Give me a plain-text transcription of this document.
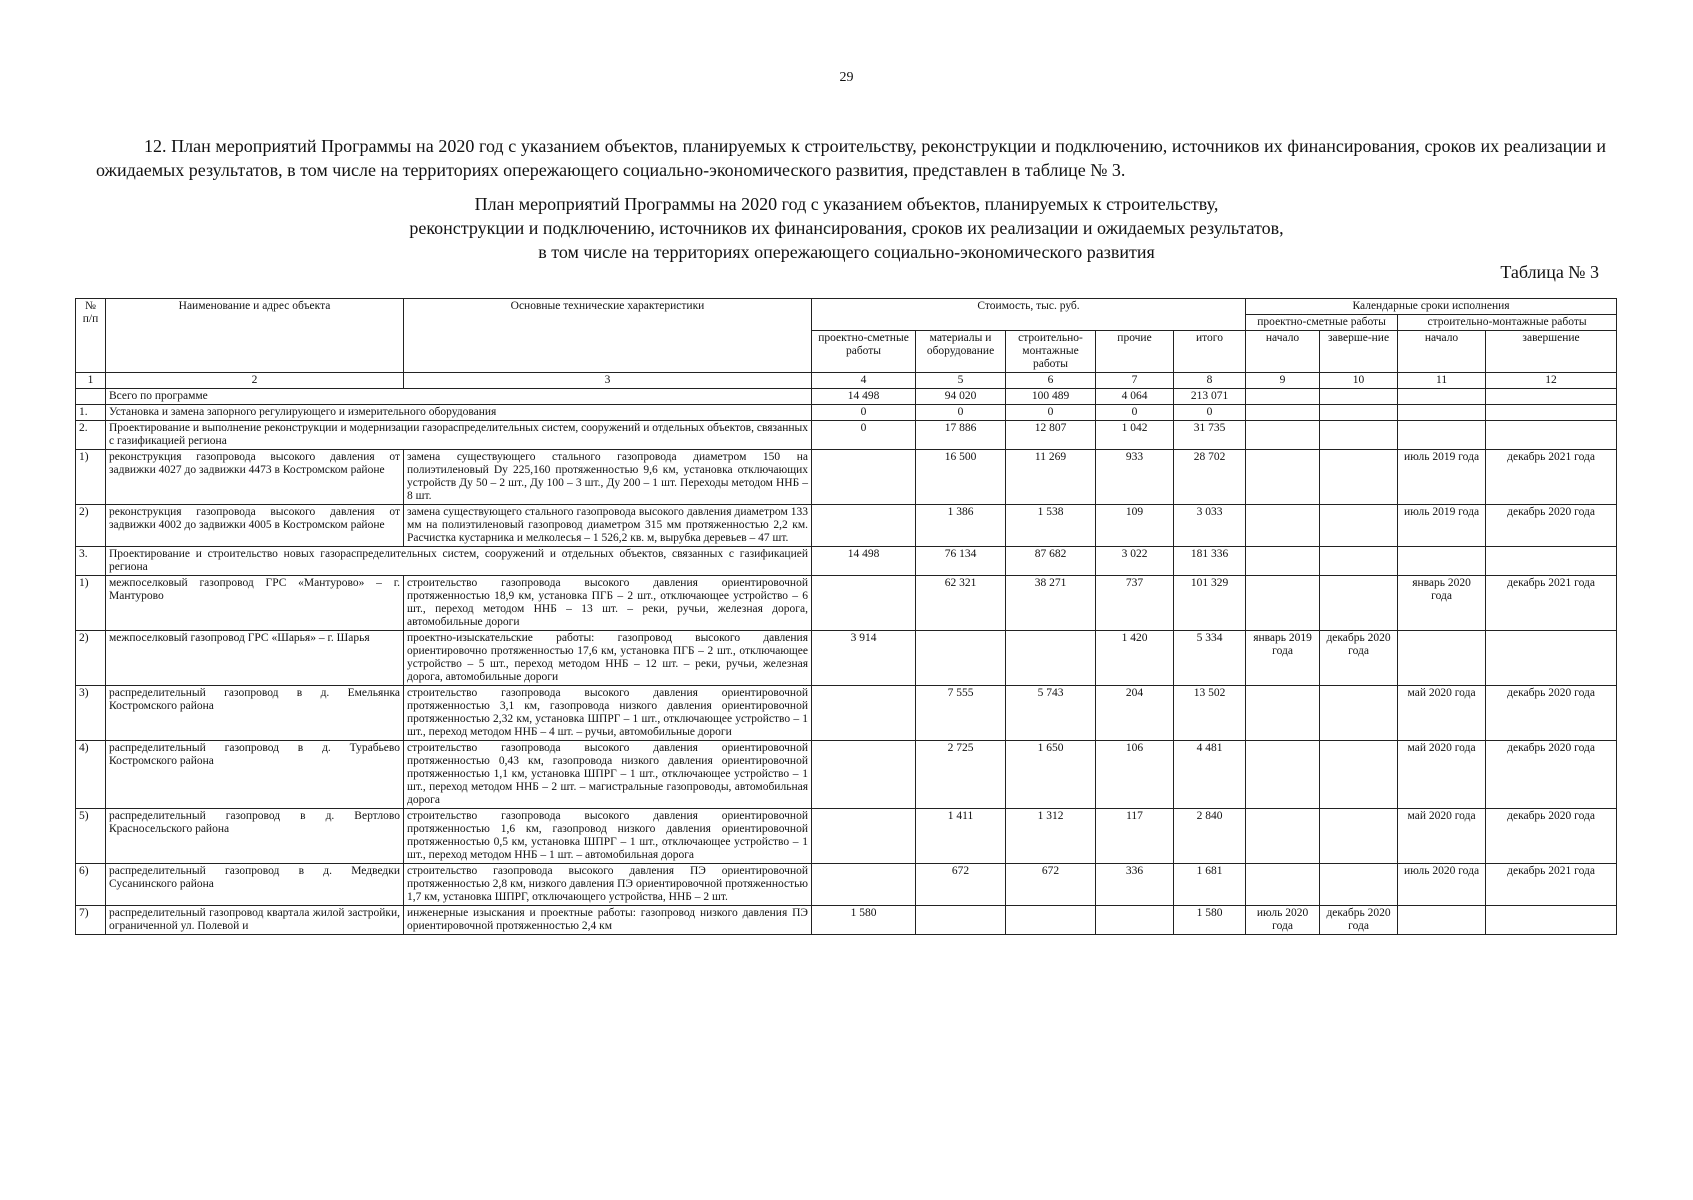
29
12. План мероприятий Программы на 2020 год с указанием объектов, планируемых к строительству, реконструкции и подключению, источников их финансирования, сроков их реализации и ожидаемых результатов, в том числе на территориях опережающего социально-экономического развития, представлен в таблице № 3.
План мероприятий Программы на 2020 год с указанием объектов, планируемых к строительству,
реконструкции и подключению, источников их финансирования, сроков их реализации и ожидаемых результатов,
в том числе на территориях опережающего социально-экономического развития
Таблица № 3
№ п/п	Наименование и адрес объекта	Основные технические характеристики	Стоимость, тыс. руб.					Календарные сроки исполнения			
								проектно-сметные работы		строительно-монтажные работы	
			проектно-сметные работы	материалы и оборудование	строительно-монтажные работы	прочие	итого	начало	заверше-ние	начало	завершение
1	2	3	4	5	6	7	8	9	10	11	12
	Всего по программе		14 498	94 020	100 489	4 064	213 071				
1.	Установка и замена запорного регулирующего и измерительного оборудования		0	0	0	0	0				
2.	Проектирование и выполнение реконструкции и модернизации газораспределительных систем, сооружений и отдельных объектов, связанных с газификацией региона		0	17 886	12 807	1 042	31 735				
1)	реконструкция газопровода высокого давления от задвижки 4027 до задвижки 4473 в Костромском районе	замена существующего стального газопровода диаметром 150 на полиэтиленовый Dy 225,160 протяженностью 9,6 км, установка отключающих устройств Ду 50 – 2 шт., Ду 100 – 3 шт., Ду 200 – 1 шт. Переходы методом ННБ – 8 шт.		16 500	11 269	933	28 702			июль 2019 года	декабрь 2021 года
2)	реконструкция газопровода высокого давления от задвижки 4002 до задвижки 4005 в Костромском районе	замена существующего стального газопровода высокого давления диаметром 133 мм на полиэтиленовый газопровод диаметром 315 мм протяженностью 2,2 км. Расчистка кустарника и мелколесья – 1 526,2 кв. м, вырубка деревьев – 47 шт.		1 386	1 538	109	3 033			июль 2019 года	декабрь 2020 года
3.	Проектирование и строительство новых газораспределительных систем, сооружений и отдельных объектов, связанных с газификацией региона		14 498	76 134	87 682	3 022	181 336				
1)	межпоселковый газопровод ГРС «Мантурово» – г. Мантурово	строительство газопровода высокого давления ориентировочной протяженностью 18,9 км, установка ПГБ – 2 шт., отключающее устройство – 6 шт., переход методом ННБ – 13 шт. – реки, ручьи, железная дорога, автомобильные дороги		62 321	38 271	737	101 329			январь 2020 года	декабрь 2021 года
2)	межпоселковый газопровод ГРС «Шарья» – г. Шарья	проектно-изыскательские работы: газопровод высокого давления ориентировочно протяженностью 17,6 км, установка ПГБ – 2 шт., отключающее устройство – 5 шт., переход методом ННБ – 12 шт. – реки, ручьи, железная дорога, автомобильные дороги	3 914			1 420	5 334	январь 2019 года	декабрь 2020 года		
3)	распределительный газопровод в д. Емельянка Костромского района	строительство газопровода высокого давления ориентировочной протяженностью 3,1 км, газопровода низкого давления ориентировочной протяженностью 2,32 км, установка ШПРГ – 1 шт., отключающее устройство – 1 шт., переход методом ННБ – 4 шт. – ручьи, автомобильные дороги		7 555	5 743	204	13 502			май 2020 года	декабрь 2020 года
4)	распределительный газопровод в д. Турабьево Костромского района	строительство газопровода высокого давления ориентировочной протяженностью 0,43 км, газопровода низкого давления ориентировочной протяженностью 1,1 км, установка ШПРГ – 1 шт., отключающее устройство – 1 шт., переход методом ННБ – 2 шт. – магистральные газопроводы, автомобильная дорога		2 725	1 650	106	4 481			май 2020 года	декабрь 2020 года
5)	распределительный газопровод в д. Вертлово Красносельского района	строительство газопровода высокого давления ориентировочной протяженностью 1,6 км, газопровод низкого давления ориентировочной протяженностью 0,5 км, установка ШПРГ – 1 шт., отключающее устройство – 1 шт., переход методом ННБ – 1 шт. – автомобильная дорога		1 411	1 312	117	2 840			май 2020 года	декабрь 2020 года
6)	распределительный газопровод в д. Медведки Сусанинского района	строительство газопровода высокого давления ПЭ ориентировочной протяженностью 2,8 км, низкого давления ПЭ ориентировочной протяженностью 1,7 км, установка ШПРГ, отключающего устройства, ННБ – 2 шт.		672	672	336	1 681			июль 2020 года	декабрь 2021 года
7)	распределительный газопровод квартала жилой застройки, ограниченной ул. Полевой и	инженерные изыскания и проектные работы: газопровод низкого давления ПЭ ориентировочной протяженностью 2,4 км	1 580				1 580	июль 2020 года	декабрь 2020 года		
